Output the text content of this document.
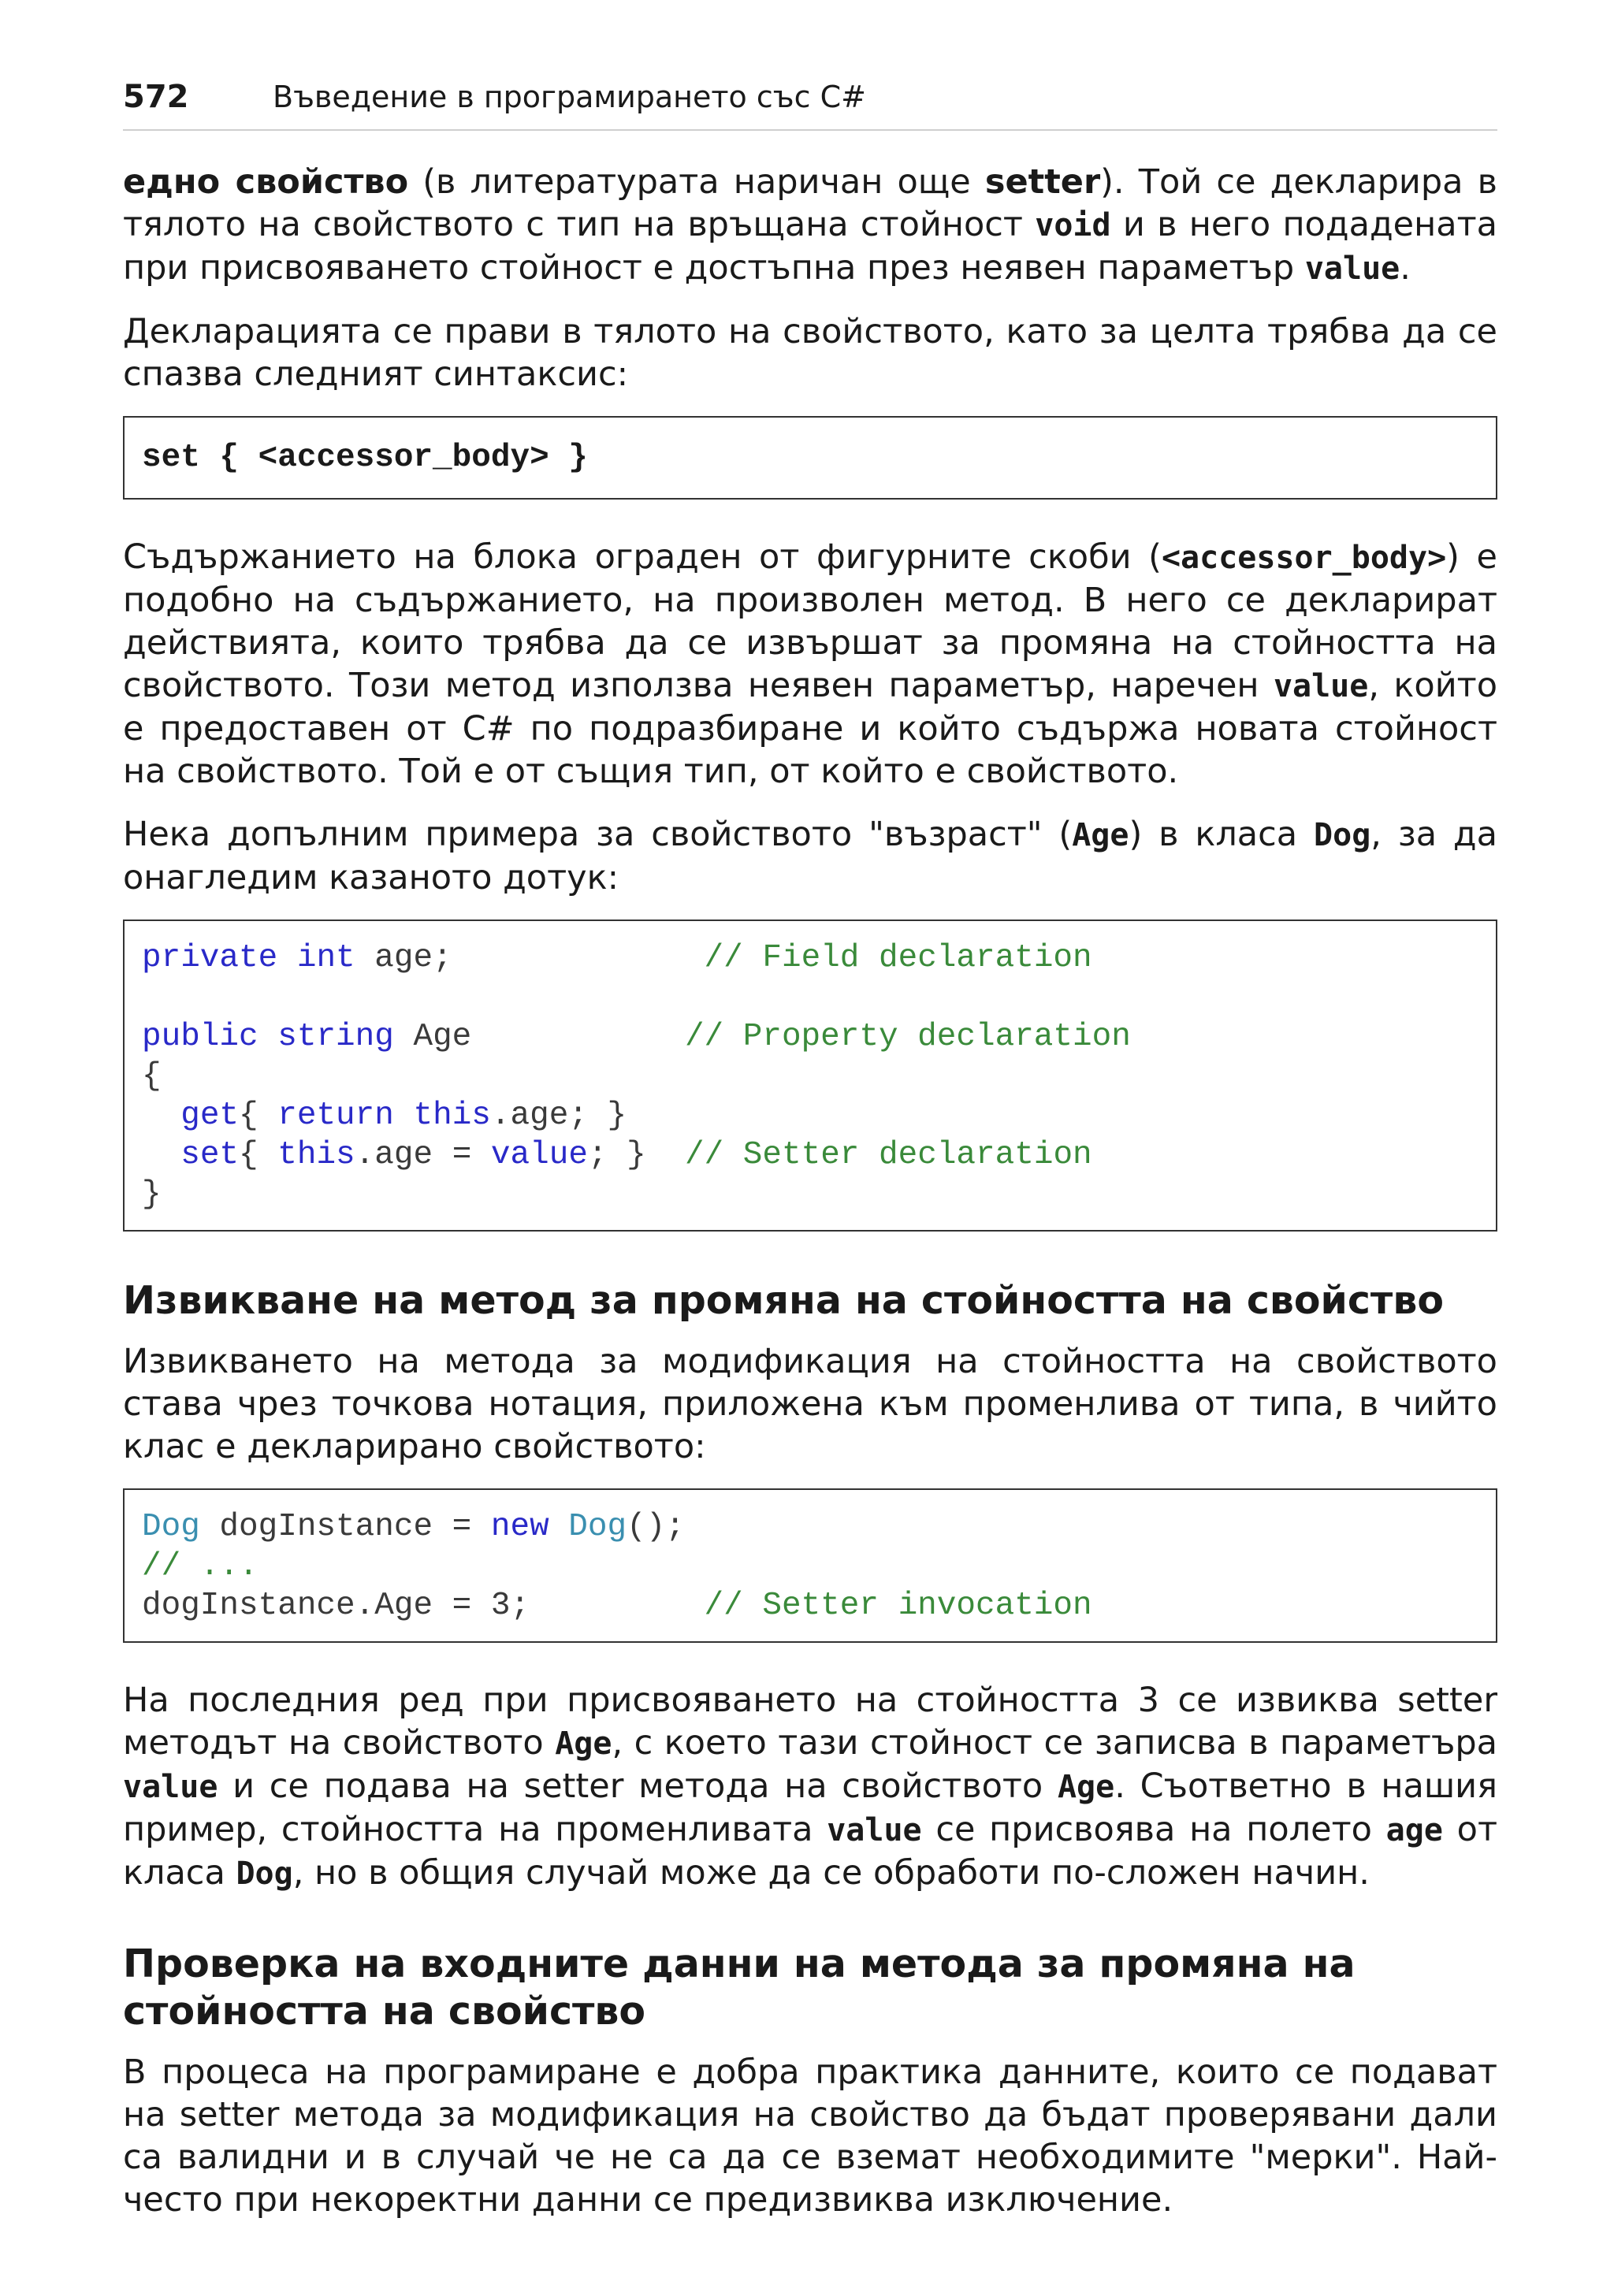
572	Въведение в програмирането със C#

едно свойство (в литературата наричан още setter). Той се декларира в тялото на свойството с тип на връщана стойност void и в него подадената при присвояването стойност е достъпна през неявен параметър value.

Декларацията се прави в тялото на свойството, като за целта трябва да се спазва следният синтаксис:

set { <accessor_body> }

Съдържанието на блока ограден от фигурните скоби (<accessor_body>) е подобно на съдържанието, на произволен метод. В него се декларират действията, които трябва да се извършат за промяна на стойността на свойството. Този метод използва неявен параметър, наречен value, който е предоставен от C# по подразбиране и който съдържа новата стойност на свойството. Той е от същия тип, от който е свойството.

Нека допълним примера за свойството "възраст" (Age) в класа Dog, за да онагледим казаното дотук:

private int age;	// Field declaration

public string Age	// Property declaration
{
get{ return this.age; }
set{ this.age = value; }  // Setter declaration
}
Извикване на метод за промяна на стойността на свойство

Извикването на метода за модификация на стойността на свойството става чрез точкова нотация, приложена към променлива от типа, в чийто клас е декларирано свойството:

Dog dogInstance = new Dog();
// ...
dogInstance.Age = 3;	// Setter invocation

На последния ред при присвояването на стойността 3 се извиква setter методът на свойството Age, с което тази стойност се записва в параметъра value и се подава на setter метода на свойството Age. Съответно в нашия пример, стойността на променливата value се присвоява на полето age от класа Dog, но в общия случай може да се обработи по-сложен начин.

Проверка на входните данни на метода за промяна на стойността на свойство

В процеса на програмиране е добра практика данните, които се подават на setter метода за модификация на свойство да бъдат проверявани дали са валидни и в случай че не са да се вземат необходимите "мерки". Най-често при некоректни данни се предизвиква изключение.
